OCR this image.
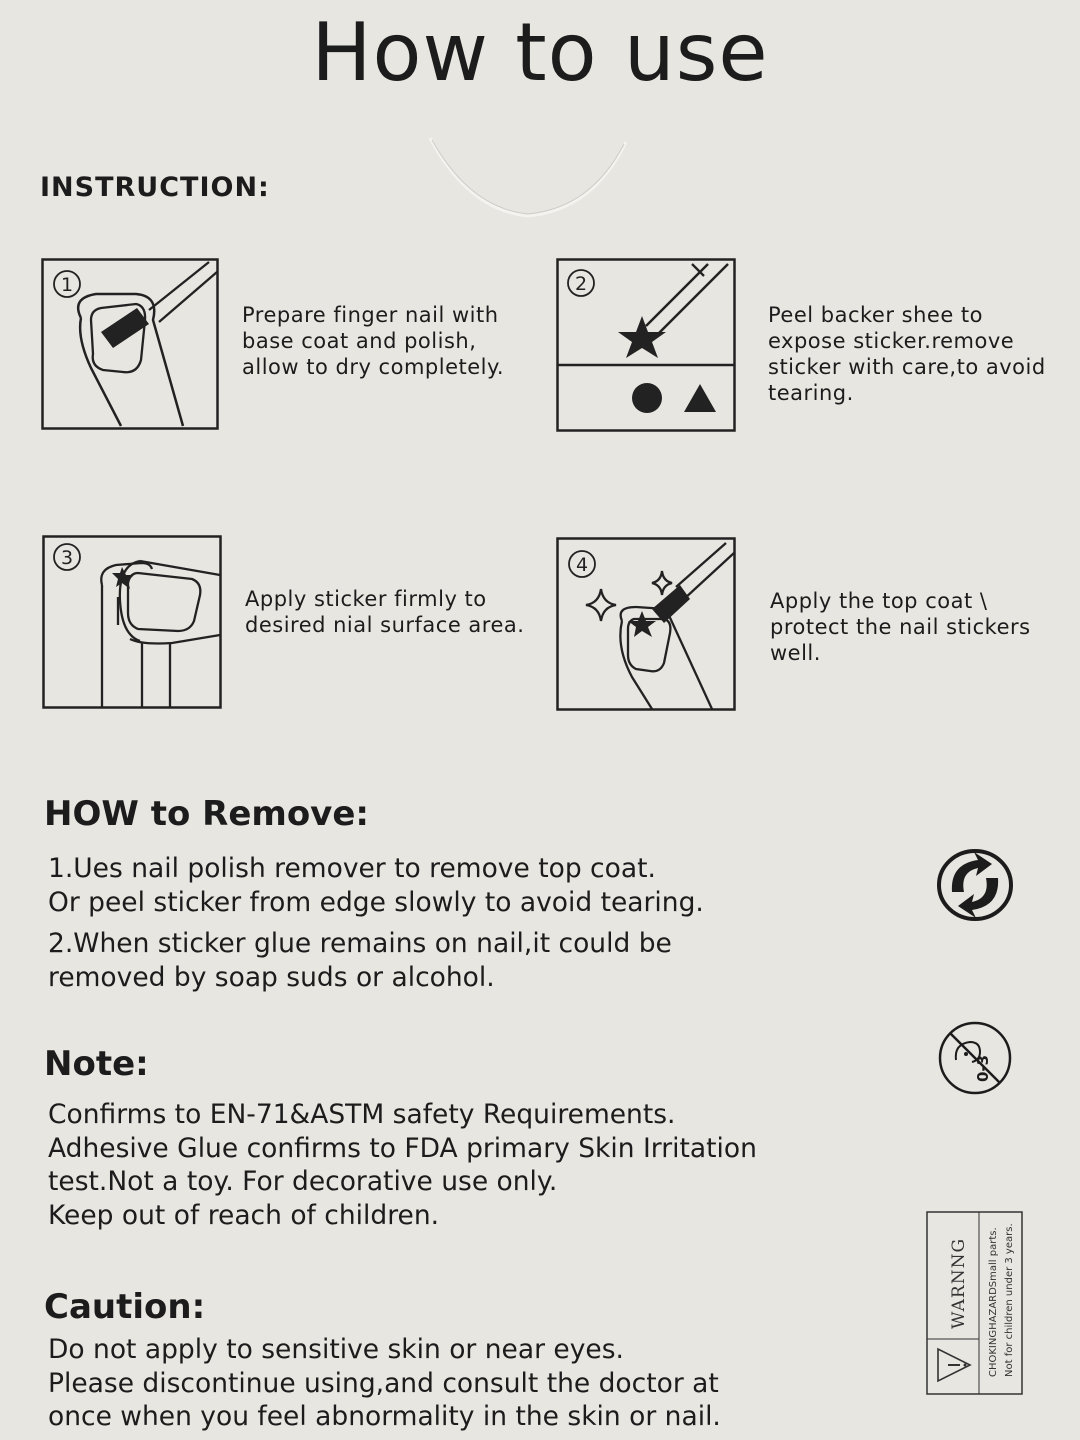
How to use
INSTRUCTION:
1
Prepare finger nail with
base coat and polish,
allow to dry completely.
2
Peel backer shee to
expose sticker.remove
sticker with care,to avoid
tearing.
3
Apply sticker firmly to
desired nial surface area.
4
Apply the top coat \
protect the nail stickers
well.
HOW to Remove:
1.Ues nail polish remover to remove top coat.
Or peel sticker from edge slowly to avoid tearing.
2.When sticker glue remains on nail,it could be
removed by soap suds or alcohol.
Note:
Confirms to EN-71&ASTM safety Requirements.
Adhesive Glue confirms to FDA primary Skin Irritation
test.Not a toy. For decorative use only.
Keep out of reach of children.
0-3
Caution:
Do not apply to sensitive skin or near eyes.
Please discontinue using,and consult the doctor at
once when you feel abnormality in the skin or nail.
WARNNG CHOKINGHAZARDSmall parts. Not for children under 3 years.
